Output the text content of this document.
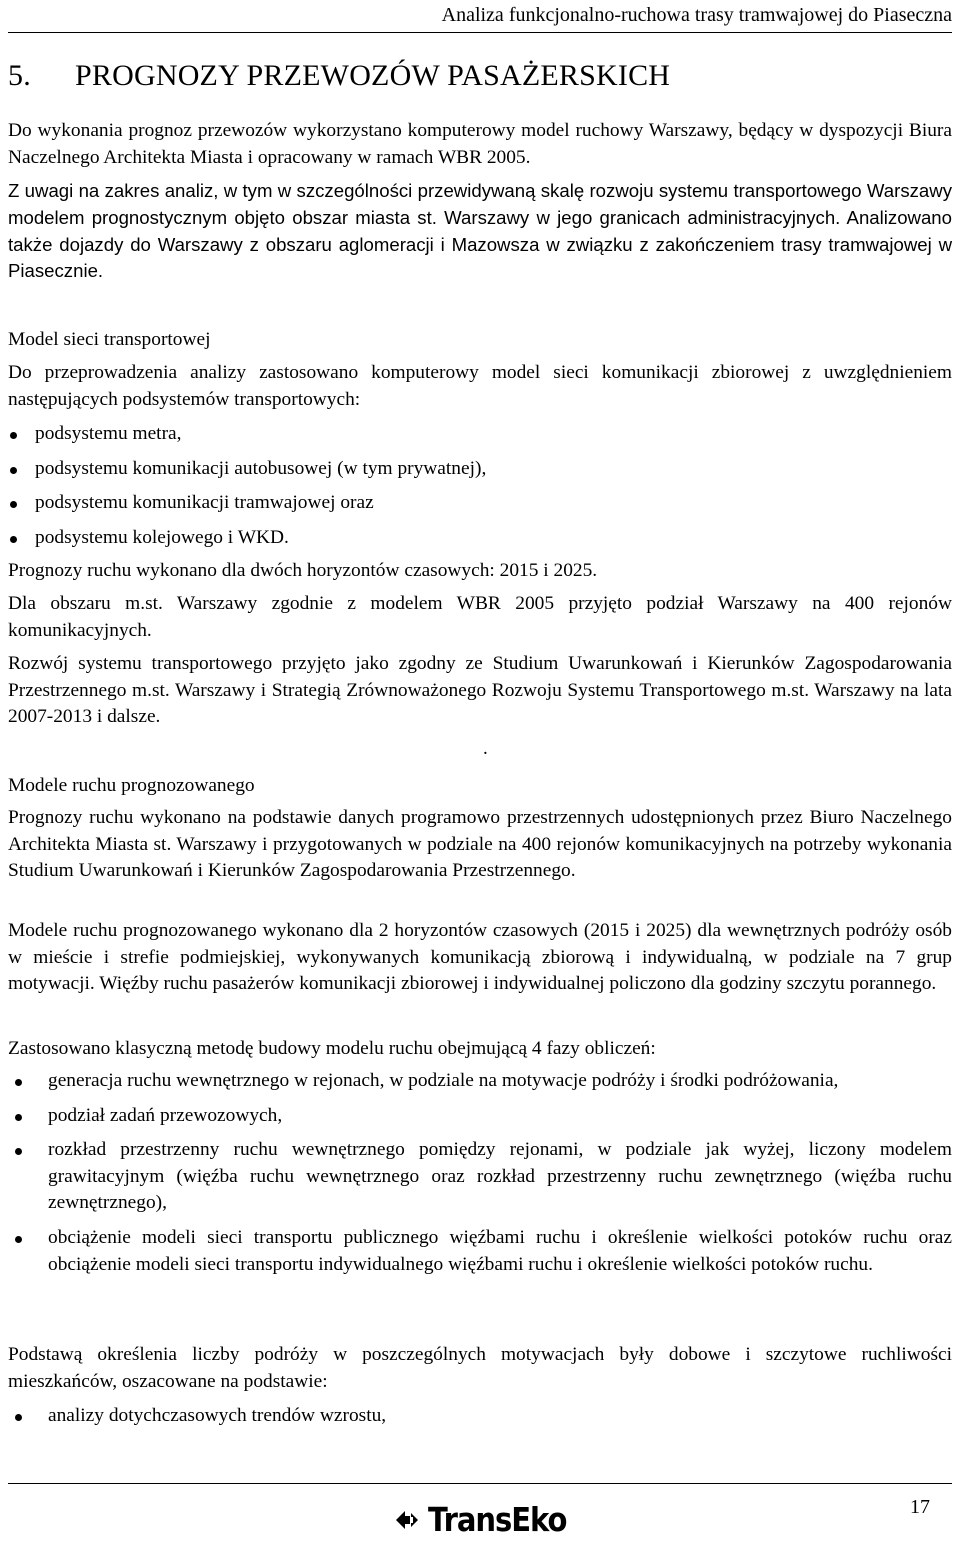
Analiza funkcjonalno-ruchowa trasy tramwajowej do Piaseczna
5. PROGNOZY PRZEWOZÓW PASAŻERSKICH

Do wykonania prognoz przewozów wykorzystano komputerowy model ruchowy Warszawy, będący w dyspozycji Biura Naczelnego Architekta Miasta i opracowany w ramach WBR 2005.

Z uwagi na zakres analiz, w tym w szczególności przewidywaną skalę rozwoju systemu transportowego Warszawy modelem prognostycznym objęto obszar miasta st. Warszawy w jego granicach administracyjnych. Analizowano także dojazdy do Warszawy z obszaru aglomeracji i Mazowsza w związku z zakończeniem trasy tramwajowej w Piasecznie.

Model sieci transportowej

Do przeprowadzenia analizy zastosowano komputerowy model sieci komunikacji zbiorowej z uwzględnieniem następujących podsystemów transportowych:

podsystemu metra,
podsystemu komunikacji autobusowej (w tym prywatnej),
podsystemu komunikacji tramwajowej oraz
podsystemu kolejowego i WKD.

Prognozy ruchu wykonano dla dwóch horyzontów czasowych: 2015 i 2025.

Dla obszaru m.st. Warszawy zgodnie z modelem WBR 2005 przyjęto podział Warszawy na 400 rejonów komunikacyjnych.

Rozwój systemu transportowego przyjęto jako zgodny ze Studium Uwarunkowań i Kierunków Zagospodarowania Przestrzennego m.st. Warszawy i Strategią Zrównoważonego Rozwoju Systemu Transportowego m.st. Warszawy na lata 2007-2013 i dalsze.

.

Modele ruchu prognozowanego

Prognozy ruchu wykonano na podstawie danych programowo przestrzennych udostępnionych przez Biuro Naczelnego Architekta Miasta st. Warszawy i przygotowanych w podziale na 400 rejonów komunikacyjnych na potrzeby wykonania Studium Uwarunkowań i Kierunków Zagospodarowania Przestrzennego.

Modele ruchu prognozowanego wykonano dla 2 horyzontów czasowych (2015 i 2025) dla wewnętrznych podróży osób w mieście i strefie podmiejskiej, wykonywanych komunikacją zbiorową i indywidualną, w podziale na 7 grup motywacji. Więźby ruchu pasażerów komunikacji zbiorowej i indywidualnej policzono dla godziny szczytu porannego.

Zastosowano klasyczną metodę budowy modelu ruchu obejmującą 4 fazy obliczeń:

generacja ruchu wewnętrznego w rejonach, w podziale na motywacje podróży i środki podróżowania,
podział zadań przewozowych,
rozkład przestrzenny ruchu wewnętrznego pomiędzy rejonami, w podziale jak wyżej, liczony modelem grawitacyjnym (więźba ruchu wewnętrznego oraz rozkład przestrzenny ruchu zewnętrznego (więźba ruchu zewnętrznego),
obciążenie modeli sieci transportu publicznego więźbami ruchu i określenie wielkości potoków ruchu oraz obciążenie modeli sieci transportu indywidualnego więźbami ruchu i określenie wielkości potoków ruchu.

Podstawą określenia liczby podróży w poszczególnych motywacjach były dobowe i szczytowe ruchliwości mieszkańców, oszacowane na podstawie:

analizy dotychczasowych trendów wzrostu,
17
TransEko
